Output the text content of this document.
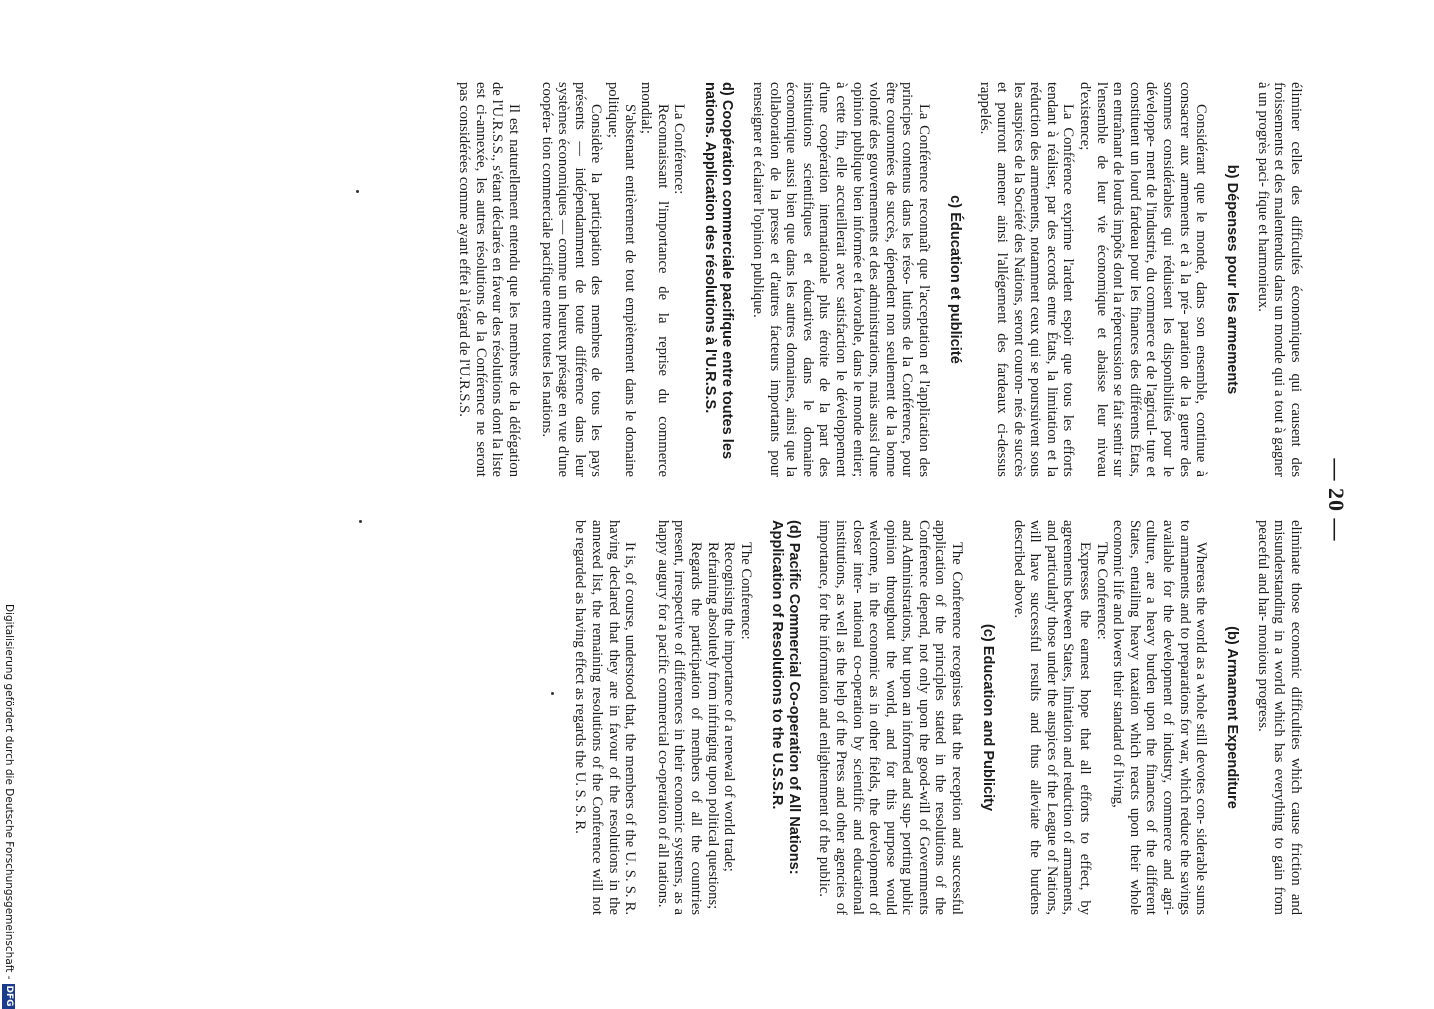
— 20 —

éliminer celles des difficultés économiques qui causent des froissements et des malentendus dans un monde qui a tout à gagner à un progrès paci- fique et harmonieux.

b) Dépenses pour les armements

Considérant que le monde, dans son ensemble, continue à consacrer aux armements et à la pré- paration de la guerre des sommes considérables qui réduisent les disponibilités pour le développe- ment de l'industrie, du commerce et de l'agricul- ture et constituent un lourd fardeau pour les finances des différents États, en entraînant de lourds impôts dont la répercussion se fait sentir sur l'ensemble de leur vie économique et abaisse leur niveau d'existence;

La Conférence exprime l'ardent espoir que tous les efforts tendant à réaliser, par des accords entre États, la limitation et la réduction des armements, notamment ceux qui se poursuivent sous les auspices de la Société des Nations, seront couron- nés de succès et pourront amener ainsi l'allégement des fardeaux ci-dessus rappelés.

c) Éducation et publicité

La Conférence reconnaît que l'acceptation et l'application des principes contenus dans les réso- lutions de la Conférence, pour être couronnées de succès, dépendent non seulement de la bonne volonté des gouvernements et des administrations, mais aussi d'une opinion publique bien informée et favorable, dans le monde entier; à cette fin, elle accueillerait avec satisfaction le développement d'une coopération internationale plus étroite de la part des institutions scientifiques et éducatives dans le domaine économique aussi bien que dans les autres domaines, ainsi que la collaboration de la presse et d'autres facteurs importants pour renseigner et éclairer l'opinion publique.

d) Coopération commerciale pacifique entre toutes les nations. Application des résolutions à l'U.R.S.S.

La Conférence:

Reconnaissant l'importance de la reprise du commerce mondial;

S'abstenant entièrement de tout empiètement dans le domaine politique;

Considère la participation des membres de tous les pays présents — indépendamment de toute différence dans leur systèmes économiques — comme un heureux présage en vue d'une coopéra- tion commerciale pacifique entre toutes les nations.

Il est naturellement entendu que les membres de la délégation de l'U.R.S.S., s'étant déclarés en faveur des résolutions dont la liste est ci-annexée, les autres résolutions de la Conférence ne seront pas considérées comme ayant effet à l'égard de l'U.R.S.S.

eliminate those economic difficulties which cause friction and misunderstanding in a world which has everything to gain from peaceful and har- monious progress.

(b) Armament Expenditure

Whereas the world as a whole still devotes con- siderable sums to armaments and to preparations for war, which reduce the savings available for the development of industry, commerce and agri- culture, are a heavy burden upon the finances of the different States, entailing heavy taxation which reacts upon their whole economic life and lowers their standard of living,

The Conference:

Expresses the earnest hope that all efforts to effect, by agreements between States, limitation and reduction of armaments, and particularly those under the auspices of the League of Nations, will have successful results and thus alleviate the burdens described above.

(c) Education and Publicity

The Conference recognises that the reception and successful application of the principles stated in the resolutions of the Conference depend, not only upon the good-will of Governments and Administrations, but upon an informed and sup- porting public opinion throughout the world, and for this purpose would welcome, in the economic as in other fields, the development of closer inter- national co-operation by scientific and educational institutions, as well as the help of the Press and other agencies of importance, for the information and enlightenment of the public.

(d) Pacific Commercial Co-operation of All Nations: Application of Resolutions to the U.S.S.R.

The Conference:

Recognising the importance of a renewal of world trade;

Refraining absolutely from infringing upon political questions;

Regards the participation of members of all the countries present, irrespective of differences in their economic systems, as a happy augury for a pacific commercial co-operation of all nations.

It is, of course, understood that, the members of the U. S. S. R. having declared that they are in favour of the resolutions in the annexed list, the remaining resolutions of the Conference will not be regarded as having effect as regards the U. S. S. R.

Digitalisierung gefördert durch die Deutsche Forschungsgemeinschaft -
DFG
